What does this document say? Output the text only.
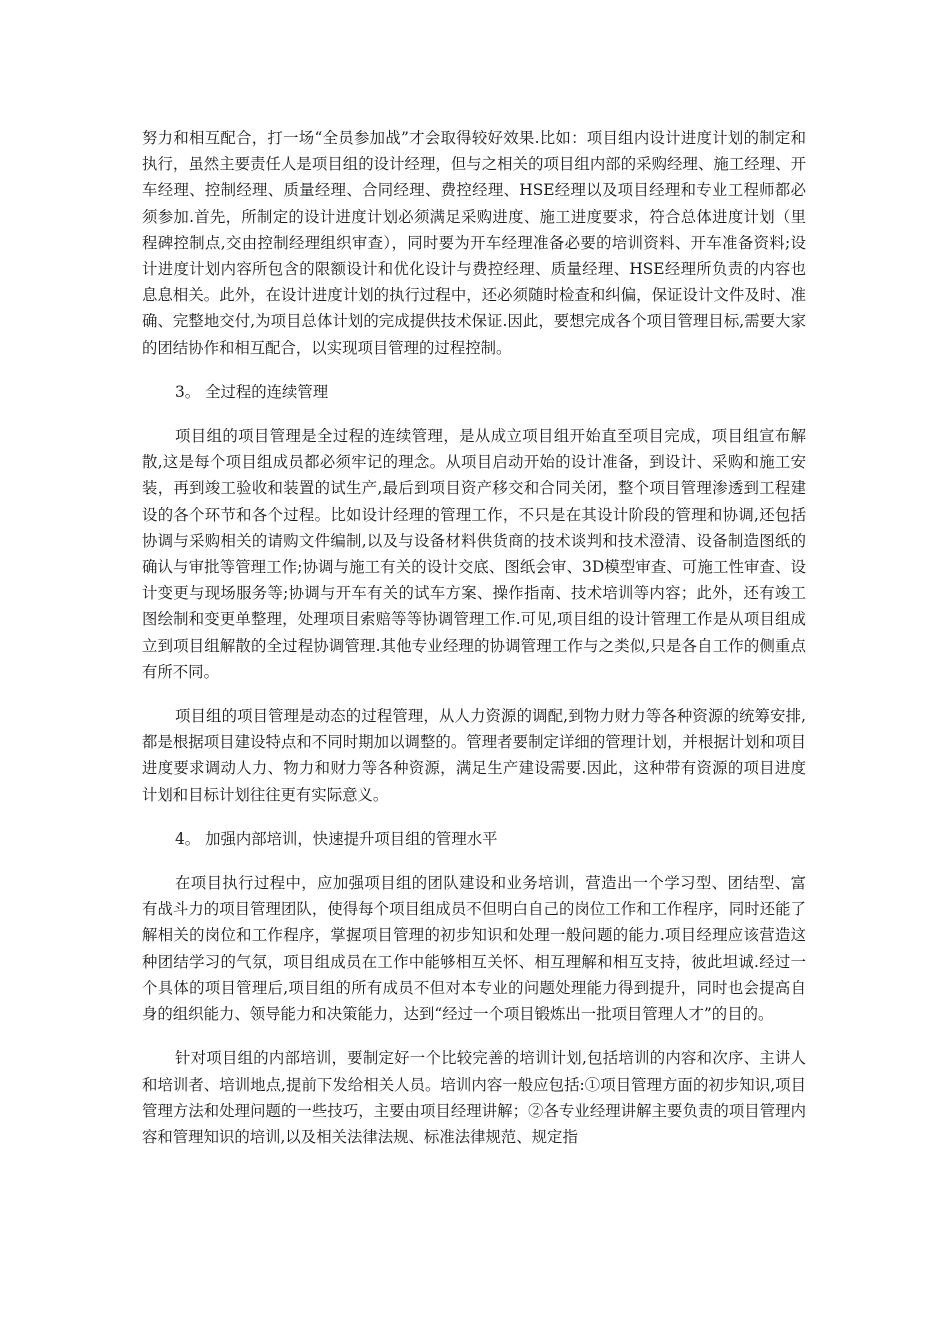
努力和相互配合，打一场“全员参加战”才会取得较好效果.比如：项目组内设计进度计划的制定和执行，虽然主要责任人是项目组的设计经理，但与之相关的项目组内部的采购经理、施工经理、开车经理、控制经理、质量经理、合同经理、费控经理、HSE经理以及项目经理和专业工程师都必须参加.首先，所制定的设计进度计划必须满足采购进度、施工进度要求，符合总体进度计划（里程碑控制点,交由控制经理组织审查），同时要为开车经理准备必要的培训资料、开车准备资料;设计进度计划内容所包含的限额设计和优化设计与费控经理、质量经理、HSE经理所负责的内容也息息相关。此外，在设计进度计划的执行过程中，还必须随时检查和纠偏，保证设计文件及时、准确、完整地交付,为项目总体计划的完成提供技术保证.因此，要想完成各个项目管理目标,需要大家的团结协作和相互配合，以实现项目管理的过程控制。

3。 全过程的连续管理

项目组的项目管理是全过程的连续管理，是从成立项目组开始直至项目完成，项目组宣布解散,这是每个项目组成员都必须牢记的理念。从项目启动开始的设计准备，到设计、采购和施工安装，再到竣工验收和装置的试生产,最后到项目资产移交和合同关闭，整个项目管理渗透到工程建设的各个环节和各个过程。比如设计经理的管理工作，不只是在其设计阶段的管理和协调,还包括协调与采购相关的请购文件编制,以及与设备材料供货商的技术谈判和技术澄清、设备制造图纸的确认与审批等管理工作;协调与施工有关的设计交底、图纸会审、3D模型审查、可施工性审查、设计变更与现场服务等;协调与开车有关的试车方案、操作指南、技术培训等内容；此外，还有竣工图绘制和变更单整理，处理项目索赔等等协调管理工作.可见,项目组的设计管理工作是从项目组成立到项目组解散的全过程协调管理.其他专业经理的协调管理工作与之类似,只是各自工作的侧重点有所不同。

项目组的项目管理是动态的过程管理，从人力资源的调配,到物力财力等各种资源的统筹安排,都是根据项目建设特点和不同时期加以调整的。管理者要制定详细的管理计划，并根据计划和项目进度要求调动人力、物力和财力等各种资源，满足生产建设需要.因此，这种带有资源的项目进度计划和目标计划往往更有实际意义。

4。 加强内部培训，快速提升项目组的管理水平

在项目执行过程中，应加强项目组的团队建设和业务培训，营造出一个学习型、团结型、富有战斗力的项目管理团队，使得每个项目组成员不但明白自己的岗位工作和工作程序，同时还能了解相关的岗位和工作程序，掌握项目管理的初步知识和处理一般问题的能力.项目经理应该营造这种团结学习的气氛，项目组成员在工作中能够相互关怀、相互理解和相互支持，彼此坦诚.经过一个具体的项目管理后,项目组的所有成员不但对本专业的问题处理能力得到提升，同时也会提高自身的组织能力、领导能力和决策能力，达到“经过一个项目锻炼出一批项目管理人才”的目的。

针对项目组的内部培训，要制定好一个比较完善的培训计划,包括培训的内容和次序、主讲人和培训者、培训地点,提前下发给相关人员。培训内容一般应包括:①项目管理方面的初步知识,项目管理方法和处理问题的一些技巧，主要由项目经理讲解；②各专业经理讲解主要负责的项目管理内容和管理知识的培训,以及相关法律法规、标准法律规范、规定指
